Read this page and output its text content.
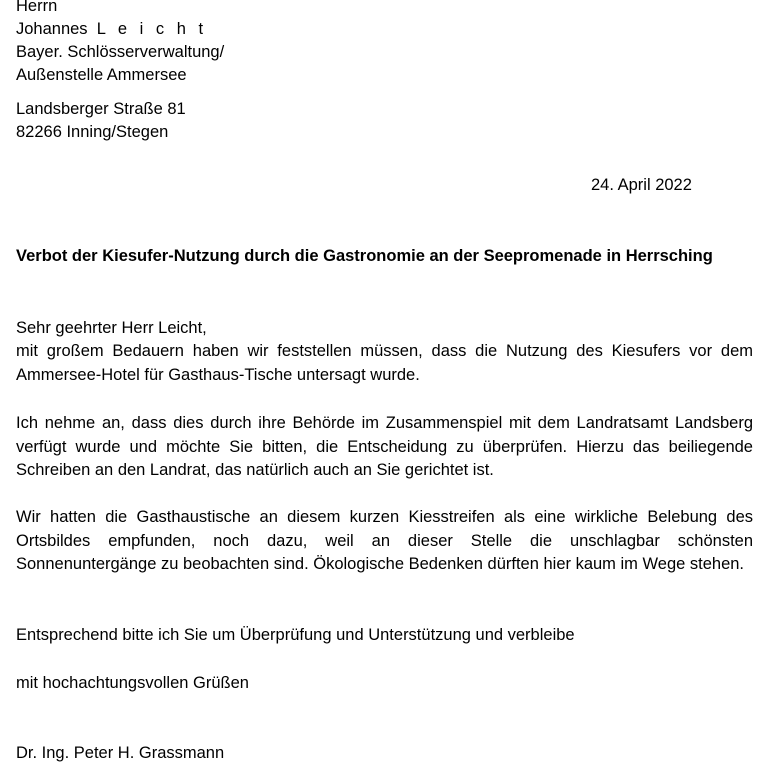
Herrn
Johannes L e i c h t
Bayer. Schlösserverwaltung/
Außenstelle Ammersee
Landsberger Straße 81
82266 Inning/Stegen
24. April 2022
Verbot der Kiesufer-Nutzung durch die Gastronomie an der Seepromenade in Herrsching
Sehr geehrter Herr Leicht,
mit großem Bedauern haben wir feststellen müssen, dass die Nutzung des Kiesufers vor dem Ammersee-Hotel für Gasthaus-Tische untersagt wurde.
Ich nehme an, dass dies durch ihre Behörde im Zusammenspiel mit dem Landratsamt Landsberg verfügt wurde und möchte Sie bitten, die Entscheidung zu überprüfen. Hierzu das beiliegende Schreiben an den Landrat, das natürlich auch an Sie gerichtet ist.
Wir hatten die Gasthaustische an diesem kurzen Kiesstreifen als eine wirkliche Belebung des Ortsbildes empfunden, noch dazu, weil an dieser Stelle die unschlagbar schönsten Sonnenuntergänge zu beobachten sind. Ökologische Bedenken dürften hier kaum im Wege stehen.
Entsprechend bitte ich Sie um Überprüfung und Unterstützung und verbleibe
mit hochachtungsvollen Grüßen
Dr. Ing. Peter H. Grassmann
